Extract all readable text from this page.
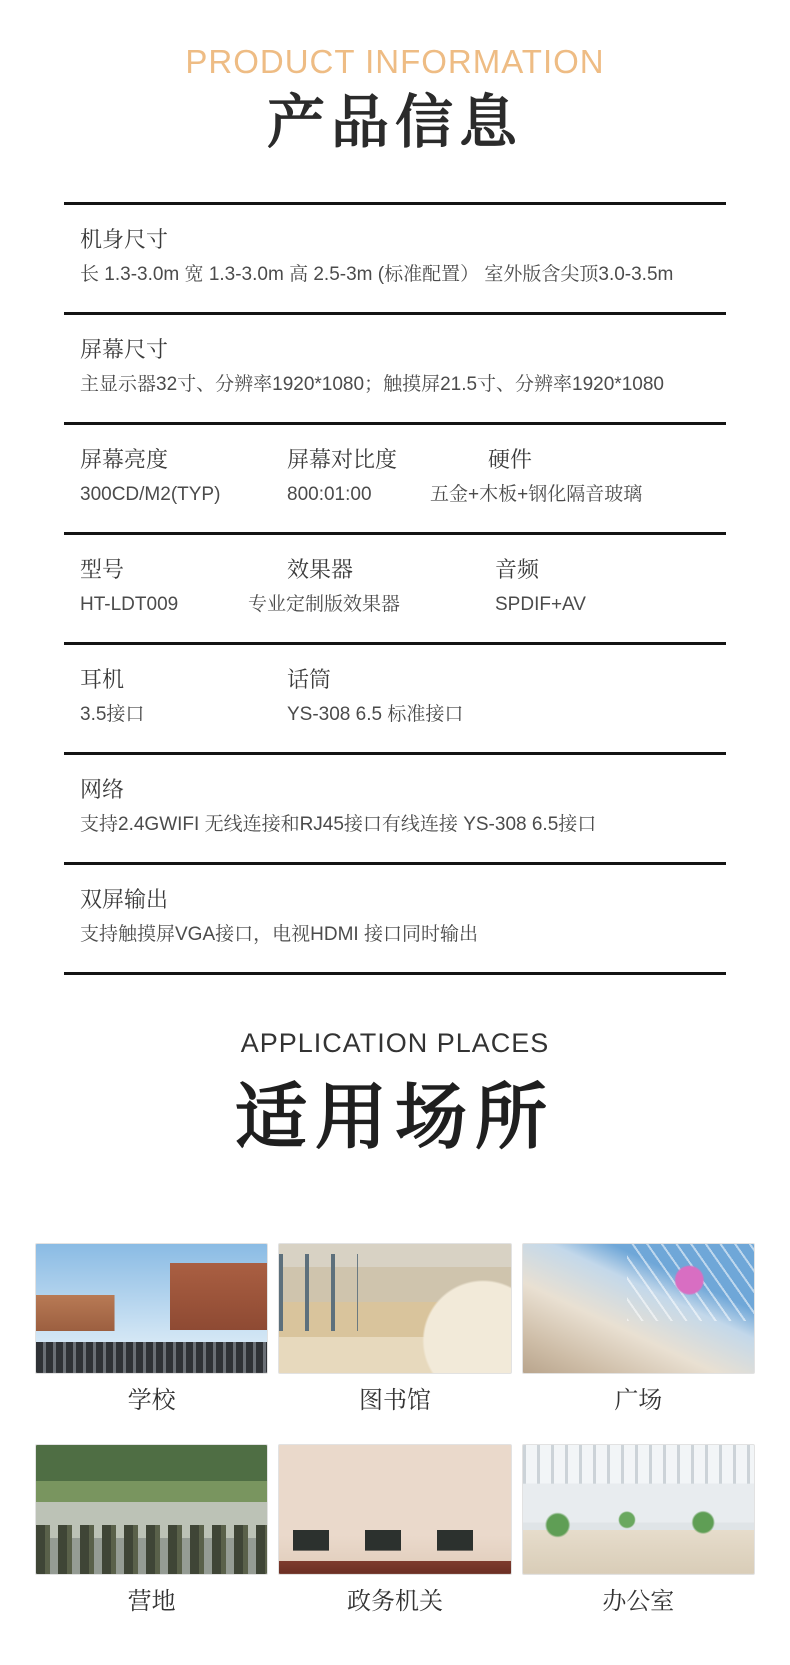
PRODUCT INFORMATION
产品信息
机身尺寸
长 1.3-3.0m 宽 1.3-3.0m 高 2.5-3m (标准配置） 室外版含尖顶3.0-3.5m
屏幕尺寸
主显示器32寸、分辨率1920*1080；触摸屏21.5寸、分辨率1920*1080
屏幕亮度
300CD/M2(TYP)
屏幕对比度
800:01:00
硬件
五金+木板+钢化隔音玻璃
型号
HT-LDT009
效果器
专业定制版效果器
音频
SPDIF+AV
耳机
3.5接口
话筒
YS-308 6.5 标准接口
网络
支持2.4GWIFI 无线连接和RJ45接口有线连接 YS-308 6.5接口
双屏输出
支持触摸屏VGA接口，电视HDMI 接口同时输出
APPLICATION PLACES
适用场所
学校	图书馆	广场
营地	政务机关	办公室
